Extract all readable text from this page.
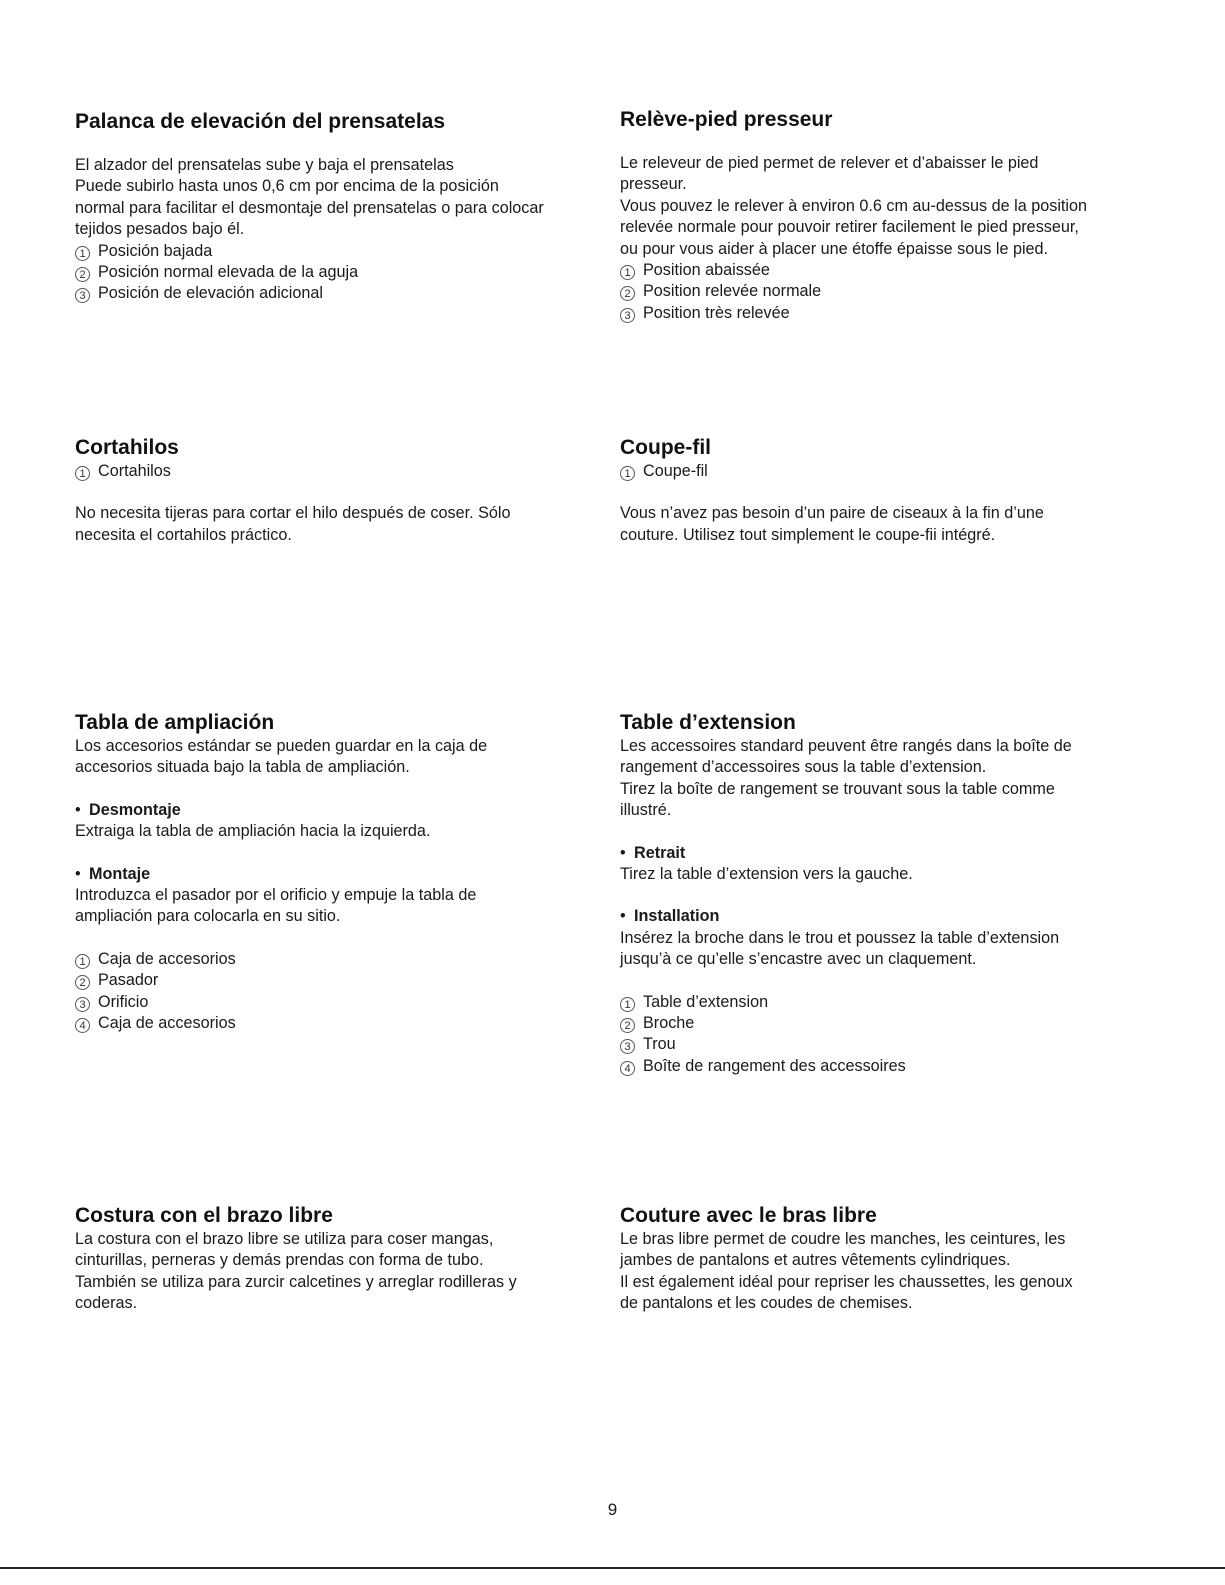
Palanca de elevación del prensatelas

El alzador del prensatelas sube y baja el prensatelas

Puede subirlo hasta unos 0,6 cm por encima de la posición

normal para facilitar el desmontaje del prensatelas o para colocar

tejidos pesados bajo él.

1 Posición bajada
2 Posición normal elevada de la aguja
3 Posición de elevación adicional
Relève-pied presseur

Le releveur de pied permet de relever et d’abaisser le pied

presseur.

Vous pouvez le relever à environ 0.6 cm au-dessus de la position

relevée normale pour pouvoir retirer facilement le pied presseur,

ou pour vous aider à placer une étoffe épaisse sous le pied.

1 Position abaissée
2 Position relevée normale
3 Position très relevée
Cortahilos
1 Cortahilos

No necesita tijeras para cortar el hilo después de coser. Sólo

necesita el cortahilos práctico.

Coupe-fil
1 Coupe-fil

Vous n’avez pas besoin d’un paire de ciseaux à la fin d’une

couture. Utilisez tout simplement le coupe-fii intégré.

Tabla de ampliación

Los accesorios estándar se pueden guardar en la caja de

accesorios situada bajo la tabla de ampliación.

• Desmontaje

Extraiga la tabla de ampliación hacia la izquierda.

• Montaje

Introduzca el pasador por el orificio y empuje la tabla de

ampliación para colocarla en su sitio.

1 Caja de accesorios
2 Pasador
3 Orificio
4 Caja de accesorios
Table d’extension

Les accessoires standard peuvent être rangés dans la boîte de

rangement d’accessoires sous la table d’extension.

Tirez la boîte de rangement se trouvant sous la table comme

illustré.

• Retrait

Tirez la table d’extension vers la gauche.

• Installation

Insérez la broche dans le trou et poussez la table d’extension

jusqu’à ce qu’elle s’encastre avec un claquement.

1 Table d’extension
2 Broche
3 Trou
4 Boîte de rangement des accessoires
Costura con el brazo libre

La costura con el brazo libre se utiliza para coser mangas,

cinturillas, perneras y demás prendas con forma de tubo.

También se utiliza para zurcir calcetines y arreglar rodilleras y

coderas.

Couture avec le bras libre

Le bras libre permet de coudre les manches, les ceintures, les

jambes de pantalons et autres vêtements cylindriques.

Il est également idéal pour repriser les chaussettes, les genoux

de pantalons et les coudes de chemises.

9
